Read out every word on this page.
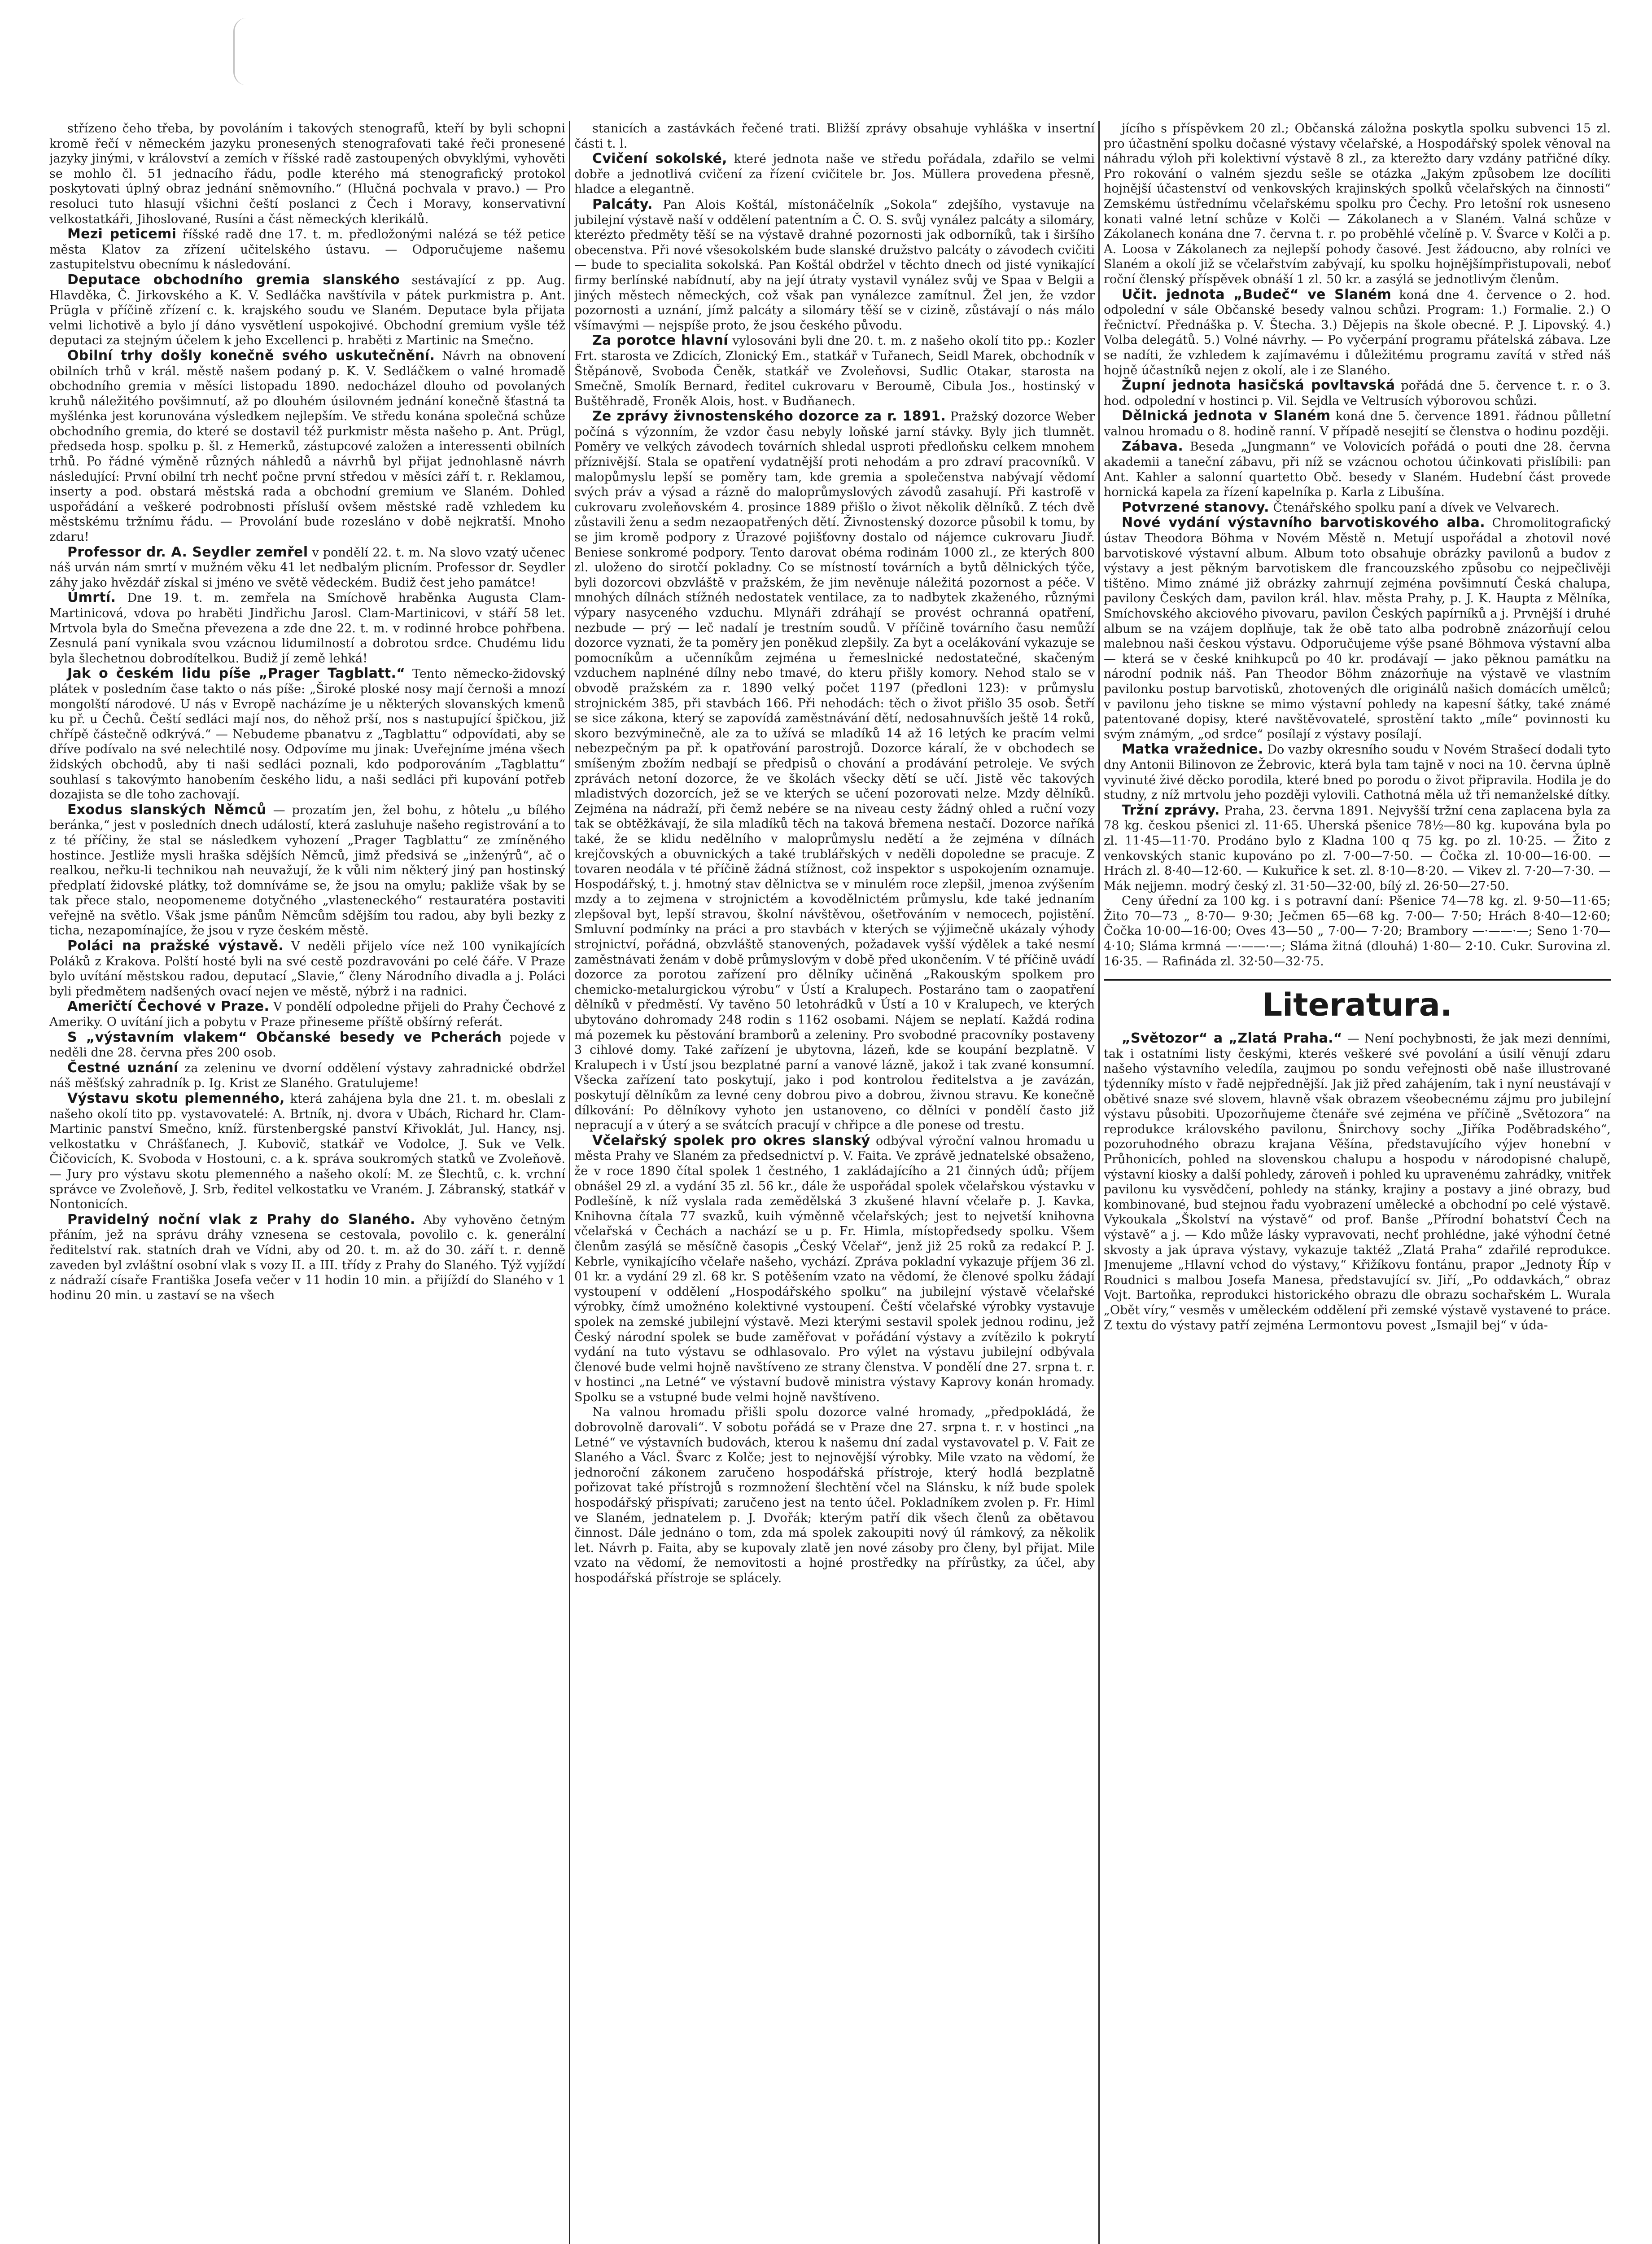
střízeno čeho třeba, by povoláním i takových stenografů, kteří by byli schopni kromě řečí v německém jazyku pronesených stenografovati také řeči pronesené jazyky jinými, v království a zemích v říšské radě zastoupených obvyklými, vyhověti se mohlo čl. 51 jednacího řádu, podle kterého má stenografický protokol poskytovati úplný obraz jednání sněmovního.“ (Hlučná pochvala v pravo.) — Pro resoluci tuto hlasují všichni čeští poslanci z Čech i Moravy, konservativní velkostatkáři, Jihoslované, Rusíni a část německých klerikálů.

Mezi peticemi říšské radě dne 17. t. m. předložonými nalézá se též petice města Klatov za zřízení učitelského ústavu. — Odporučujeme našemu zastupitelstvu obecnímu k následování.

Deputace obchodního gremia slanského sestávající z pp. Aug. Hlavděka, Č. Jirkovského a K. V. Sedláčka navštívila v pátek purkmistra p. Ant. Prügla v příčině zřízení c. k. krajského soudu ve Slaném. Deputace byla přijata velmi lichotivě a bylo jí dáno vysvětlení uspokojivé. Obchodní gremium vyšle též deputaci za stejným účelem k jeho Excellenci p. hraběti z Martinic na Smečno.

Obilní trhy došly konečně svého uskutečnění. Návrh na obnovení obilních trhů v král. městě našem podaný p. K. V. Sedláčkem o valné hromadě obchodního gremia v měsíci listopadu 1890. nedocházel dlouho od povolaných kruhů náležitého povšimnutí, až po dlouhém úsilovném jednání konečně šťastná ta myšlénka jest korunována výsledkem nejlepším. Ve středu konána společná schůze obchodního gremia, do které se dostavil též purkmistr města našeho p. Ant. Prügl, předseda hosp. spolku p. šl. z Hemerků, zástupcové založen a interessenti obilních trhů. Po řádné výměně různých náhledů a návrhů byl přijat jednohlasně návrh následující: První obilní trh nechť počne první středou v měsíci září t. r. Reklamou, inserty a pod. obstará městská rada a obchodní gremium ve Slaném. Dohled uspořádání a veškeré podrobnosti přísluší ovšem městské radě vzhledem ku městskému tržnímu řádu. — Provolání bude rozesláno v době nejkratší. Mnoho zdaru!

Professor dr. A. Seydler zemřel v pondělí 22. t. m. Na slovo vzatý učenec náš urván nám smrtí v mužném věku 41 let nedbalým plicním. Professor dr. Seydler záhy jako hvězdář získal si jméno ve světě vědeckém. Budiž čest jeho památce!

Úmrtí. Dne 19. t. m. zemřela na Smíchově hraběnka Augusta Clam-Martinicová, vdova po hraběti Jindřichu Jarosl. Clam-Martinicovi, v stáří 58 let. Mrtvola byla do Smečna převezena a zde dne 22. t. m. v rodinné hrobce pohřbena. Zesnulá paní vynikala svou vzácnou lidumilností a dobrotou srdce. Chudému lidu byla šlechetnou dobrodítelkou. Budiž jí země lehká!

Jak o českém lidu píše „Prager Tagblatt.“ Tento německo-židovský plátek v posledním čase takto o nás píše: „Široké ploské nosy mají černoši a mnozí mongolští národové. U nás v Evropě nacházíme je u některých slovanských kmenů ku př. u Čechů. Čeští sedláci mají nos, do něhož prší, nos s nastupující špičkou, již chřípě částečně odkrývá.“ — Nebudeme pbanatvu z „Tagblattu“ odpovídati, aby se dříve podívalo na své nelechtilé nosy. Odpovíme mu jinak: Uveřejníme jména všech židských obchodů, aby ti naši sedláci poznali, kdo podporováním „Tagblattu“ souhlasí s takovýmto hanobením českého lidu, a naši sedláci při kupování potřeb dozajista se dle toho zachovají.

Exodus slanských Němců — prozatím jen, žel bohu, z hôtelu „u bílého beránka,“ jest v posledních dnech událostí, která zasluhuje našeho registrování a to z té příčiny, že stal se následkem vyhození „Prager Tagblattu“ ze zmíněného hostince. Jestliže mysli hraška sdějších Němců, jimž předsivá se „inženýrů“, ač o realkou, neřku-li technikou nah neuvažují, že k vůli nim některý jiný pan hostinský předplatí židovské plátky, tož domníváme se, že jsou na omylu; pakliže však by se tak přece stalo, neopomeneme dotyčného „vlasteneckého“ restauratéra postaviti veřejně na světlo. Však jsme pánům Němcům sdějším tou radou, aby byli bezky z ticha, nezapomínajíce, že jsou v ryze českém městě.

Poláci na pražské výstavě. V neděli přijelo více než 100 vynikajících Poláků z Krakova. Polští hosté byli na své cestě pozdravováni po celé čáře. V Praze bylo uvítání městskou radou, deputací „Slavie,“ členy Národního divadla a j. Poláci byli předmětem nadšených ovací nejen ve městě, nýbrž i na radnici.

Američtí Čechové v Praze. V pondělí odpoledne přijeli do Prahy Čechové z Ameriky. O uvítání jich a pobytu v Praze přineseme příště obšírný referát.

S „výstavním vlakem“ Občanské besedy ve Pcherách pojede v neděli dne 28. června přes 200 osob.

Čestné uznání za zeleninu ve dvorní oddělení výstavy zahradnické obdržel náš měšťský zahradník p. Ig. Krist ze Slaného. Gratulujeme!

Výstavu skotu plemenného, která zahájena byla dne 21. t. m. obeslali z našeho okolí tito pp. vystavovatelé: A. Brtník, nj. dvora v Ubách, Richard hr. Clam-Martinic panství Smečno, kníž. fürstenbergské panství Křivoklát, Jul. Hancy, nsj. velkostatku v Chrášťanech, J. Kubovič, statkář ve Vodolce, J. Suk ve Velk. Čičovicích, K. Svoboda v Hostouni, c. a k. správa soukromých statků ve Zvoleňově. — Jury pro výstavu skotu plemenného a našeho okolí: M. ze Šlechtů, c. k. vrchní správce ve Zvoleňově, J. Srb, ředitel velkostatku ve Vraném. J. Zábranský, statkář v Nontonicích.

Pravidelný noční vlak z Prahy do Slaného. Aby vyhověno četným přáním, jež na správu dráhy vznesena se cestovala, povolilo c. k. generální ředitelství rak. statních drah ve Vídni, aby od 20. t. m. až do 30. září t. r. denně zaveden byl zvláštní osobní vlak s vozy II. a III. třídy z Prahy do Slaného. Týž vyjíždí z nádraží císaře Františka Josefa večer v 11 hodin 10 min. a přijíždí do Slaného v 1 hodinu 20 min. u zastaví se na všech

stanicích a zastávkách řečené trati. Bližší zprávy obsahuje vyhláška v insertní části t. l.

Cvičení sokolské, které jednota naše ve středu pořádala, zdařilo se velmi dobře a jednotlivá cvičení za řízení cvičitele br. Jos. Müllera provedena přesně, hladce a elegantně.

Palcáty. Pan Alois Koštál, místonáčelník „Sokola“ zdejšího, vystavuje na jubilejní výstavě naší v oddělení patentním a Č. O. S. svůj vynález palcáty a silomáry, kterézto předměty těší se na výstavě drahné pozornosti jak odborníků, tak i širšího obecenstva. Při nové všesokolském bude slanské družstvo palcáty o závodech cvičiti — bude to specialita sokolská. Pan Koštál obdržel v těchto dnech od jisté vynikající firmy berlínské nabídnutí, aby na její útraty vystavil vynález svůj ve Spaa v Belgii a jiných městech německých, což však pan vynálezce zamítnul. Žel jen, že vzdor pozornosti a uznání, jímž palcáty a silomáry těší se v cizině, zůstávají o nás málo všímavými — nejspíše proto, že jsou českého původu.

Za porotce hlavní vylosováni byli dne 20. t. m. z našeho okolí tito pp.: Kozler Frt. starosta ve Zdicích, Zlonický Em., statkář v Tuřanech, Seidl Marek, obchodník v Štěpánově, Svoboda Čeněk, statkář ve Zvoleňovsi, Sudlic Otakar, starosta na Smečně, Smolík Bernard, ředitel cukrovaru v Beroumě, Cibula Jos., hostinský v Buštěhradě, Froněk Alois, host. v Budňanech.

Ze zprávy živnostenského dozorce za r. 1891. Pražský dozorce Weber počíná s výzonním, že vzdor času nebyly loňské jarní stávky. Byly jich tlumnět. Poměry ve velkých závodech továrních shledal usproti předloňsku celkem mnohem příznivější. Stala se opatření vydatnější proti nehodám a pro zdraví pracovníků. V malopůmyslu lepší se poměry tam, kde gremia a společenstva nabývají vědomí svých práv a výsad a rázně do maloprůmyslových závodů zasahují. Při kastrofě v cukrovaru zvoleňovském 4. prosince 1889 přišlo o život několik dělníků. Z téch dvě zůstavili ženu a sedm nezaopatřených dětí. Živnostenský dozorce působil k tomu, by se jim kromě podpory z Úrazové pojišťovny dostalo od nájemce cukrovaru Jiudř. Beniese sonkromé podpory. Tento darovat obéma rodinám 1000 zl., ze kterých 800 zl. uloženo do sirotčí pokladny. Co se místností továrních a bytů dělnických týče, byli dozorcovi obzvláště v pražském, že jim nevěnuje náležitá pozornost a péče. V mnohých dílnách stížnéh nedostatek ventilace, za to nadbytek zkaženého, různými výpary nasyceného vzduchu. Mlynáři zdráhají se provést ochranná opatření, nezbude — prý — leč nadalí je trestním soudů. V příčině továrního času nemůží dozorce vyznati, že ta poměry jen poněkud zlepšily. Za byt a ocelákování vykazuje se pomocníkům a učenníkům zejména u řemeslnické nedostatečné, skačeným vzduchem naplnéné dílny nebo tmavé, do kteru přišly komory. Nehod stalo se v obvodě pražském za r. 1890 velký počet 1197 (předloni 123): v průmyslu strojnickém 385, při stavbách 166. Při nehodách: těch o život přišlo 35 osob. Šetří se sice zákona, který se zapovídá zaměstnávání dětí, nedosahnuvších ještě 14 roků, skoro bezvýminečně, ale za to užívá se mladíků 14 až 16 letých ke pracím velmi nebezpečným pa př. k opatřování parostrojů. Dozorce káralí, že v obchodech se smíšeným zbožím nedbají se předpisů o chování a prodávání petroleje. Ve svých zprávách netoní dozorce, že ve školách všecky dětí se učí. Jistě věc takových mladistvých dozorcích, jež se ve kterých se učení pozorovati nelze. Mzdy dělníků. Zejména na nádraží, při čemž nebére se na niveau cesty žádný ohled a ruční vozy tak se obtěžkávají, že sila mladíků těch na taková břemena nestačí. Dozorce naříká také, že se klidu nedělního v maloprůmyslu nedětí a že zejména v dílnách krejčovských a obuvnických a také trublářských v neděli dopoledne se pracuje. Z tovaren neodála v té příčině žádná stížnost, což inspektor s uspokojením oznamuje. Hospodářský, t. j. hmotný stav dělnictva se v minulém roce zlepšil, jmenoa zvýšením mzdy a to zejmena v strojnictém a kovodělnictém průmyslu, kde také jednaním zlepšoval byt, lepší stravou, školní návštěvou, ošetřováním v nemocech, pojistění. Smluvní podmínky na práci a pro stavbách v kterých se výjimečně ukázaly výhody strojnictví, pořádná, obzvláště stanovených, požadavek vyšší výdělek a také nesmí zaměstnávati ženám v době průmyslovým v době před ukončením. V té příčině uvádí dozorce za porotou zařízení pro dělníky učiněná „Rakouským spolkem pro chemicko-metalurgickou výrobu“ v Ústí a Kralupech. Postaráno tam o zaopatření dělníků v předměstí. Vy tavěno 50 letohrádků v Ústí a 10 v Kralupech, ve kterých ubytováno dohromady 248 rodin s 1162 osobami. Nájem se neplatí. Každá rodina má pozemek ku pěstování bramborů a zeleniny. Pro svobodné pracovníky postaveny 3 cihlové domy. Také zařízení je ubytovna, lázeň, kde se koupání bezplatně. V Kralupech i v Ústí jsou bezplatné parní a vanové lázně, jakož i tak zvané konsumní. Všecka zařízení tato poskytují, jako i pod kontrolou ředitelstva a je zavázán, poskytují dělníkům za levné ceny dobrou pivo a dobrou, živnou stravu. Ke konečně dílkování: Po dělníkovy vyhoto jen ustanoveno, co dělníci v pondělí často již nepracují a v úterý a se svátcích pracují v chřipce a dle ponese od trestu.

Včelařský spolek pro okres slanský odbýval výroční valnou hromadu u města Prahy ve Slaném za předsednictví p. V. Faita. Ve zprávě jednatelské obsaženo, že v roce 1890 čítal spolek 1 čestného, 1 zakládajícího a 21 činných údů; příjem obnášel 29 zl. a vydání 35 zl. 56 kr., dále že uspořádal spolek včelařskou výstavku v Podlešíně, k níž vyslala rada zemědělská 3 zkušené hlavní včelaře p. J. Kavka, Knihovna čítala 77 svazků, kuih výměnně včelařských; jest to nejvetší knihovna včelařská v Čechách a nachází se u p. Fr. Himla, místopředsedy spolku. Všem členům zasýlá se měsíčně časopis „Český Včelař“, jenž již 25 roků za redakcí P. J. Kebrle, vynikajícího včelaře našeho, vychází. Zpráva pokladní vykazuje příjem 36 zl. 01 kr. a vydání 29 zl. 68 kr. S potěšením vzato na vědomí, že členové spolku žádají vystoupení v oddělení „Hospodářského spolku“ na jubilejní výstavě včelařské výrobky, čímž umožnéno kolektivné vystoupení. Čeští včelařské výrobky vystavuje spolek na zemské jubilejní výstavě. Mezi kterými sestavil spolek jednou rodinu, jež Český národní spolek se bude zaměřovat v pořádání výstavy a zvítězilo k pokrytí vydání na tuto výstavu se odhlasovalo. Pro výlet na výstavu jubilejní odbývala členové bude velmi hojně navštíveno ze strany členstva. V pondělí dne 27. srpna t. r. v hostinci „na Letné“ ve výstavní budově ministra výstavy Kaprovy konán hromady. Spolku se a vstupné bude velmi hojně navštíveno.

Na valnou hromadu přišli spolu dozorce valné hromady, „předpokládá, že dobrovolně darovali“. V sobotu pořádá se v Praze dne 27. srpna t. r. v hostinci „na Letné“ ve výstavních budovách, kterou k našemu dní zadal vystavovatel p. V. Fait ze Slaného a Václ. Švarc z Kolče; jest to nejnovější výrobky. Mile vzato na vědomí, že jednoroční zákonem zaručeno hospodářská přístroje, který hodlá bezplatně pořizovat také přístrojů s rozmnožení šlechtění včel na Slánsku, k níž bude spolek hospodářský přispívati; zaručeno jest na tento účel. Pokladníkem zvolen p. Fr. Himl ve Slaném, jednatelem p. J. Dvořák; kterým patří dik všech členů za obětavou činnost. Dále jednáno o tom, zda má spolek zakoupiti nový úl rámkový, za několik let. Návrh p. Faita, aby se kupovaly zlatě jen nové zásoby pro členy, byl přijat. Mile vzato na vědomí, že nemovitosti a hojné prostředky na přírůstky, za účel, aby hospodářská přístroje se splácely.

jícího s příspěvkem 20 zl.; Občanská záložna poskytla spolku subvenci 15 zl. pro účastnění spolku dočasné výstavy včelařské, a Hospodářský spolek věnoval na náhradu výloh při kolektivní výstavě 8 zl., za kterežto dary vzdány patřičné díky. Pro rokování o valném sjezdu sešle se otázka „Jakým způsobem lze docíliti hojnější účastenství od venkovských krajinských spolků včelařských na činnosti“ Zemskému ústřednímu včelařskému spolku pro Čechy. Pro letošní rok usneseno konati valné letní schůze v Kolči — Zákolanech a v Slaném. Valná schůze v Zákolanech konána dne 7. června t. r. po proběhlé včelíně p. V. Švarce v Kolči a p. A. Loosa v Zákolanech za nejlepší pohody časové. Jest žádoucno, aby rolníci ve Slaném a okolí již se včelařstvím zabývají, ku spolku hojnějšímpřistupovali, neboť roční členský příspěvek obnáší 1 zl. 50 kr. a zasýlá se jednotlivým členům.

Učit. jednota „Budeč“ ve Slaném koná dne 4. července o 2. hod. odpolední v sále Občanské besedy valnou schůzi. Program: 1.) Formalie. 2.) O řečnictví. Přednáška p. V. Štecha. 3.) Dějepis na škole obecné. P. J. Lipovský. 4.) Volba delegátů. 5.) Volné návrhy. — Po vyčerpání programu přátelská zábava. Lze se nadíti, že vzhledem k zajímavému i důležitému programu zavítá v střed náš hojně účastníků nejen z okolí, ale i ze Slaného.

Župní jednota hasičská povltavská pořádá dne 5. července t. r. o 3. hod. odpolední v hostinci p. Vil. Sejdla ve Veltrusích výborovou schůzi.

Dělnická jednota v Slaném koná dne 5. července 1891. řádnou půlletní valnou hromadu o 8. hodině ranní. V případě nesejití se členstva o hodinu později.

Zábava. Beseda „Jungmann“ ve Volovicích pořádá o pouti dne 28. června akademii a taneční zábavu, při níž se vzácnou ochotou účinkovati přislíbili: pan Ant. Kahler a salonní quartetto Obč. besedy v Slaném. Hudební část provede hornická kapela za řízení kapelníka p. Karla z Libušína.

Potvrzené stanovy. Čtenářského spolku paní a dívek ve Velvarech.

Nové vydání výstavního barvotiskového alba. Chromolitografický ústav Theodora Böhma v Novém Městě n. Metují uspořádal a zhotovil nové barvotiskové výstavní album. Album toto obsahuje obrázky pavilonů a budov z výstavy a jest pěkným barvotiskem dle francouzského způsobu co nejpečlivěji tištěno. Mimo známé již obrázky zahrnují zejména povšimnutí Česká chalupa, pavilony Českých dam, pavilon král. hlav. města Prahy, p. J. K. Haupta z Mělníka, Smíchovského akciového pivovaru, pavilon Českých papírníků a j. Prvnější i druhé album se na vzájem doplňuje, tak že obě tato alba podrobně znázorňují celou malebnou naši českou výstavu. Odporučujeme výše psané Böhmova výstavní alba — která se v české knihkupců po 40 kr. prodávají — jako pěknou památku na národní podnik náš. Pan Theodor Böhm znázorňuje na výstavě ve vlastním pavilonku postup barvotisků, zhotovených dle originálů našich domácích umělců; v pavilonu jeho tiskne se mimo výstavní pohledy na kapesní šátky, také známé patentované dopisy, které navštěvovatelé, sprostění takto „míle“ povinnosti ku svým známým, „od srdce“ posílají z výstavy posílají.

Matka vražednice. Do vazby okresního soudu v Novém Strašecí dodali tyto dny Antonii Bilinovon ze Žebrovic, která byla tam tajně v noci na 10. června úplně vyvinuté živé děcko porodila, které bned po porodu o život připravila. Hodila je do studny, z níž mrtvolu jeho později vylovili. Cathotná měla už tři nemanželské dítky.

Tržní zprávy. Praha, 23. června 1891. Nejvyšší tržní cena zaplacena byla za 78 kg. českou pšenici zl. 11·65. Uherská pšenice 78½—80 kg. kupována byla po zl. 11·45—11·70. Prodáno bylo z Kladna 100 q 75 kg. po zl. 10·25. — Žito z venkovských stanic kupováno po zl. 7·00—7·50. — Čočka zl. 10·00—16·00. — Hrách zl. 8·40—12·60. — Kukuřice k set. zl. 8·10—8·20. — Vikev zl. 7·20—7·30. — Mák nejjemn. modrý český zl. 31·50—32·00, bílý zl. 26·50—27·50.

Ceny úřední za 100 kg. i s potravní daní: Pšenice 74—78 kg. zl. 9·50—11·65; Žito 70—73 „ 8·70— 9·30; Ječmen 65—68 kg. 7·00— 7·50; Hrách 8·40—12·60; Čočka 10·00—16·00; Oves 43—50 „ 7·00— 7·20; Brambory —·——·—; Seno 1·70— 4·10; Sláma krmná —·——·—; Sláma žitná (dlouhá) 1·80— 2·10. Cukr. Surovina zl. 16·35. — Rafináda zl. 32·50—32·75.

Literatura.

„Světozor“ a „Zlatá Praha.“ — Není pochybnosti, že jak mezi denními, tak i ostatními listy českými, kterés veškeré své povolání a úsilí věnují zdaru našeho výstavního veledíla, zaujmou po sondu veřejnosti obě naše illustrované týdenníky místo v řadě nejpřednější. Jak již před zahájením, tak i nyní neustávají v obětivé snaze své slovem, hlavně však obrazem všeobecnému zájmu pro jubilejní výstavu působiti. Upozorňujeme čtenáře své zejména ve příčině „Světozora“ na reprodukce královského pavilonu, Šnirchovy sochy „Jiříka Poděbradského“, pozoruhodného obrazu krajana Věšína, představujícího výjev honební v Průhonicích, pohled na slovenskou chalupu a hospodu v národopisné chalupě, výstavní kiosky a další pohledy, zároveň i pohled ku upravenému zahrádky, vnitřek pavilonu ku vysvědčení, pohledy na stánky, krajiny a postavy a jiné obrazy, bud kombinované, bud stejnou řadu vyobrazení umělecké a obchodní po celé výstavě. Vykoukala „Školství na výstavě“ od prof. Banše „Přírodní bohatství Čech na výstavě“ a j. — Kdo může lásky vypravovati, nechť prohlédne, jaké výhodní četné skvosty a jak úprava výstavy, vykazuje taktéž „Zlatá Praha“ zdařilé reprodukce. Jmenujeme „Hlavní vchod do výstavy,“ Křižíkovu fontánu, prapor „Jednoty Říp v Roudnici s malbou Josefa Manesa, představující sv. Jiří, „Po oddavkách,“ obraz Vojt. Bartoňka, reprodukci historického obrazu dle obrazu sochařském L. Wurala „Obět víry,“ vesměs v uměleckém oddělení při zemské výstavě vystavené to práce. Z textu do výstavy patří zejména Lermontovu povest „Ismajil bej“ v úda-
